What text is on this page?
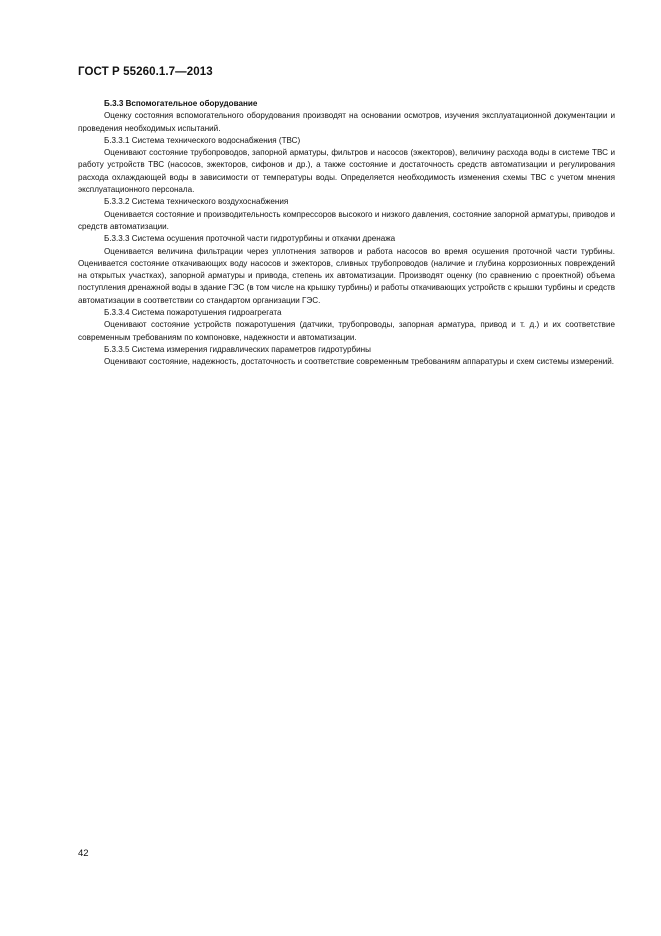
ГОСТ Р 55260.1.7—2013

Б.3.3 Вспомогательное оборудование

Оценку состояния вспомогательного оборудования производят на основании осмотров, изучения эксплуатационной документации и проведения необходимых испытаний.

Б.3.3.1 Система технического водоснабжения (ТВС)

Оценивают состояние трубопроводов, запорной арматуры, фильтров и насосов (эжекторов), величину расхода воды в системе ТВС и работу устройств ТВС (насосов, эжекторов, сифонов и др.), а также состояние и достаточность средств автоматизации и регулирования расхода охлаждающей воды в зависимости от температуры воды. Определяется необходимость изменения схемы ТВС с учетом мнения эксплуатационного персонала.

Б.3.3.2 Система технического воздухоснабжения

Оценивается состояние и производительность компрессоров высокого и низкого давления, состояние запорной арматуры, приводов и средств автоматизации.

Б.3.3.3 Система осушения проточной части гидротурбины и откачки дренажа

Оценивается величина фильтрации через уплотнения затворов и работа насосов во время осушения проточной части турбины. Оценивается состояние откачивающих воду насосов и эжекторов, сливных трубопроводов (наличие и глубина коррозионных повреждений на открытых участках), запорной арматуры и привода, степень их автоматизации. Производят оценку (по сравнению с проектной) объема поступления дренажной воды в здание ГЭС (в том числе на крышку турбины) и работы откачивающих устройств с крышки турбины и средств автоматизации в соответствии со стандартом организации ГЭС.

Б.3.3.4 Система пожаротушения гидроагрегата

Оценивают состояние устройств пожаротушения (датчики, трубопроводы, запорная арматура, привод и т. д.) и их соответствие современным требованиям по компоновке, надежности и автоматизации.

Б.3.3.5 Система измерения гидравлических параметров гидротурбины

Оценивают состояние, надежность, достаточность и соответствие современным требованиям аппаратуры и схем системы измерений.

42
